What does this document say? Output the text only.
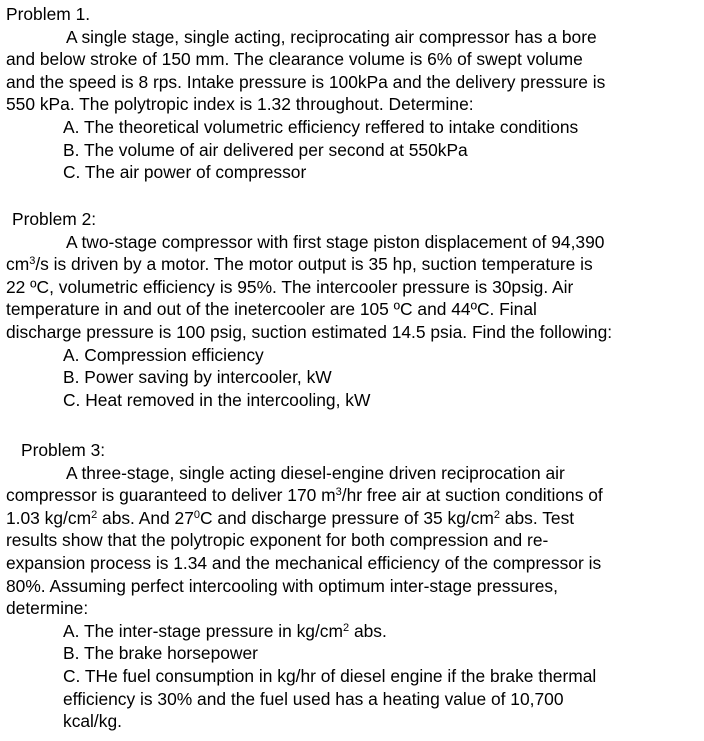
Problem 1.
A single stage, single acting, reciprocating air compressor has a bore
and below stroke of 150 mm. The clearance volume is 6% of swept volume
and the speed is 8 rps. Intake pressure is 100kPa and the delivery pressure is
550 kPa. The polytropic index is 1.32 throughout. Determine:
A. The theoretical volumetric efficiency reffered to intake conditions
B. The volume of air delivered per second at 550kPa
C. The air power of compressor
Problem 2:
A two-stage compressor with first stage piston displacement of 94,390
$cm^3/s$ is driven by a motor. The motor output is 35 hp, suction temperature is
22 ºC, volumetric efficiency is 95%. The intercooler pressure is 30psig. Air
temperature in and out of the inetercooler are 105 ºC and 44ºC. Final
discharge pressure is 100 psig, suction estimated 14.5 psia. Find the following:
A. Compression efficiency
B. Power saving by intercooler, kW
C. Heat removed in the intercooling, kW
Problem 3:
A three-stage, single acting diesel-engine driven reciprocation air
compressor is guaranteed to deliver 170 $m^3/hr$ free air at suction conditions of
1.03 $kg/cm^2$ abs. And $27^0C$ and discharge pressure of 35 $kg/cm^2$ abs. Test
results show that the polytropic exponent for both compression and re-
expansion process is 1.34 and the mechanical efficiency of the compressor is
80%. Assuming perfect intercooling with optimum inter-stage pressures,
determine:
A. The inter-stage pressure in $kg/cm^2$ abs.
B. The brake horsepower
C. THe fuel consumption in kg/hr of diesel engine if the brake thermal
efficiency is 30% and the fuel used has a heating value of 10,700
kcal/kg.
